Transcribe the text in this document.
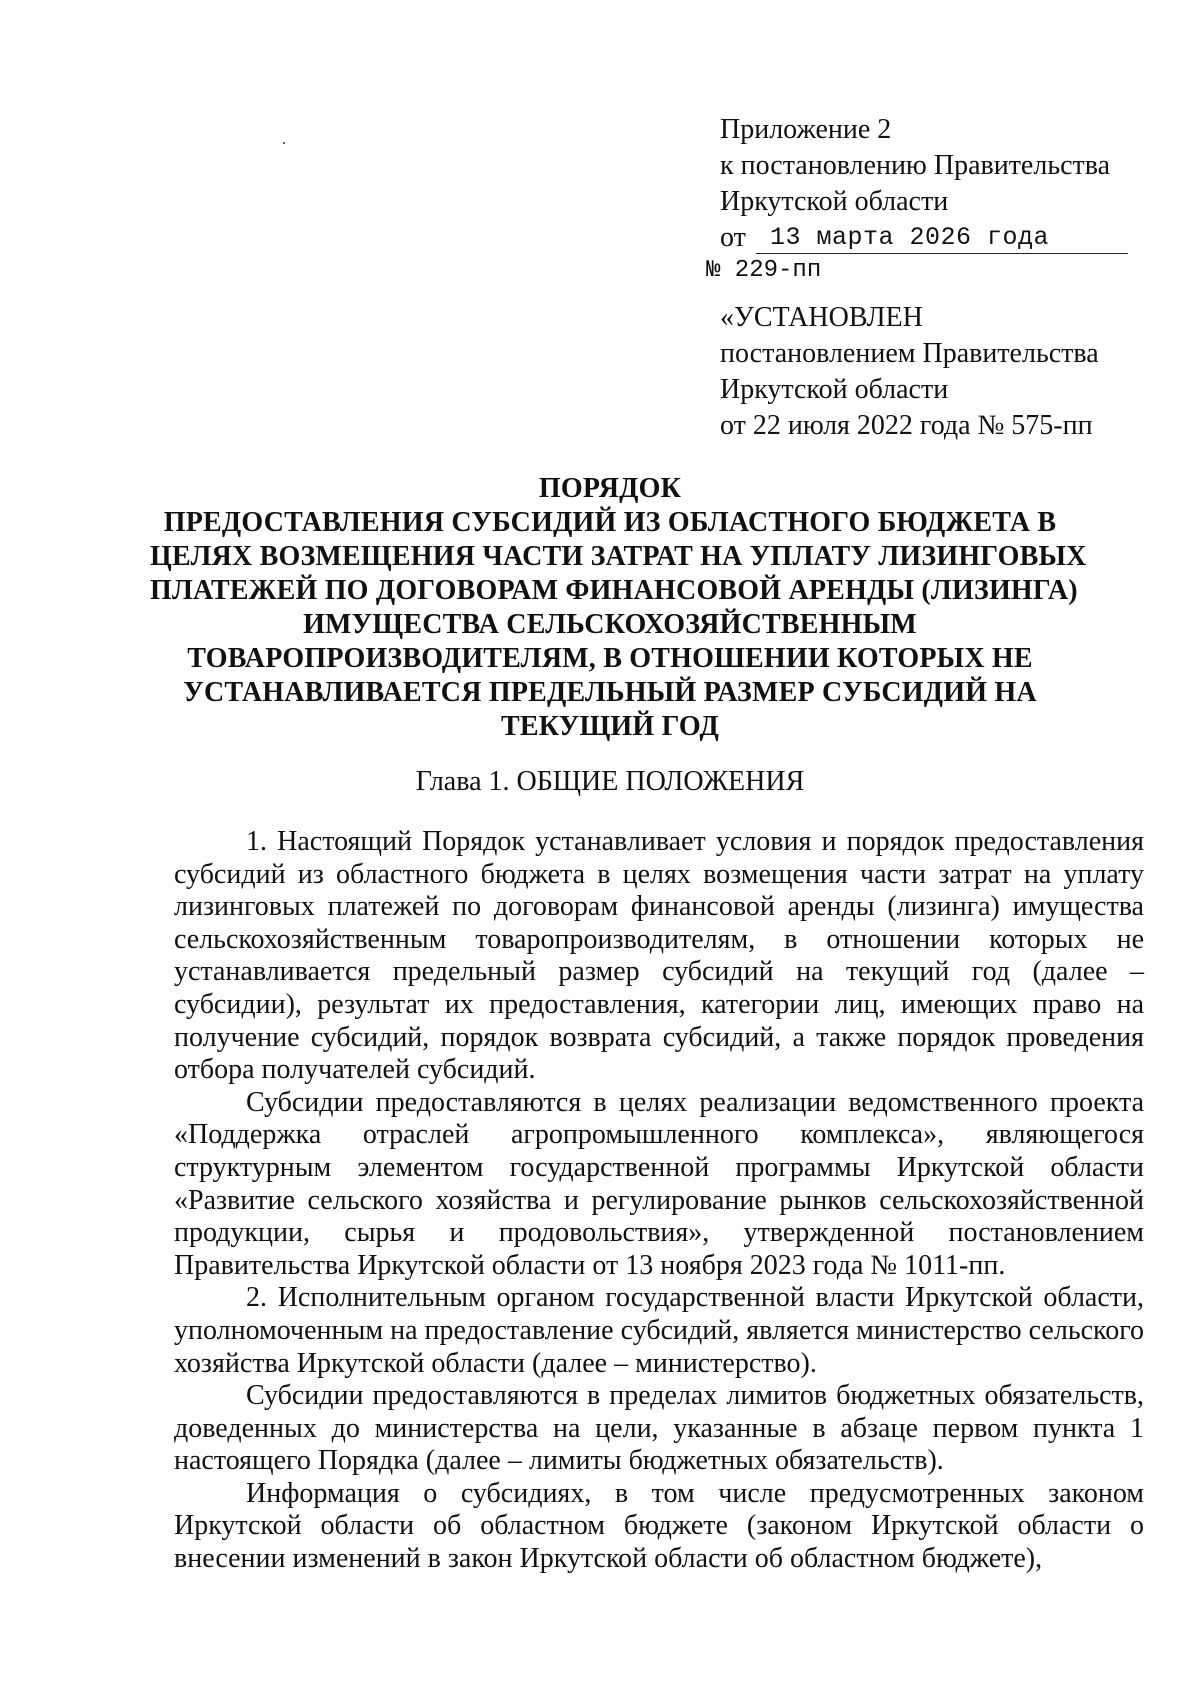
Приложение 2
к постановлению Правительства
Иркутской области
от 13 марта 2026 года
№ 229-пп
«УСТАНОВЛЕН
постановлением Правительства
Иркутской области
от 22 июля 2022 года № 575-пп
ПОРЯДОК
ПРЕДОСТАВЛЕНИЯ СУБСИДИЙ ИЗ ОБЛАСТНОГО БЮДЖЕТА В
ЦЕЛЯХ ВОЗМЕЩЕНИЯ ЧАСТИ ЗАТРАТ НА УПЛАТУ ЛИЗИНГОВЫХ
ПЛАТЕЖЕЙ ПО ДОГОВОРАМ ФИНАНСОВОЙ АРЕНДЫ (ЛИЗИНГА)
ИМУЩЕСТВА СЕЛЬСКОХОЗЯЙСТВЕННЫМ
ТОВАРОПРОИЗВОДИТЕЛЯМ, В ОТНОШЕНИИ КОТОРЫХ НЕ
УСТАНАВЛИВАЕТСЯ ПРЕДЕЛЬНЫЙ РАЗМЕР СУБСИДИЙ НА
ТЕКУЩИЙ ГОД
Глава 1. ОБЩИЕ ПОЛОЖЕНИЯ

1. Настоящий Порядок устанавливает условия и порядок предоставления субсидий из областного бюджета в целях возмещения части затрат на уплату лизинговых платежей по договорам финансовой аренды (лизинга) имущества сельскохозяйственным товаропроизводителям, в отношении которых не устанавливается предельный размер субсидий на текущий год (далее – субсидии), результат их предоставления, категории лиц, имеющих право на получение субсидий, порядок возврата субсидий, а также порядок проведения отбора получателей субсидий.

Субсидии предоставляются в целях реализации ведомственного проекта «Поддержка отраслей агропромышленного комплекса», являющегося структурным элементом государственной программы Иркутской области «Развитие сельского хозяйства и регулирование рынков сельскохозяйственной продукции, сырья и продовольствия», утвержденной постановлением Правительства Иркутской области от 13 ноября 2023 года № 1011-пп.

2. Исполнительным органом государственной власти Иркутской области, уполномоченным на предоставление субсидий, является министерство сельского хозяйства Иркутской области (далее – министерство).

Субсидии предоставляются в пределах лимитов бюджетных обязательств, доведенных до министерства на цели, указанные в абзаце первом пункта 1 настоящего Порядка (далее – лимиты бюджетных обязательств).

Информация о субсидиях, в том числе предусмотренных законом Иркутской области об областном бюджете (законом Иркутской области о внесении изменений в закон Иркутской области об областном бюджете),
